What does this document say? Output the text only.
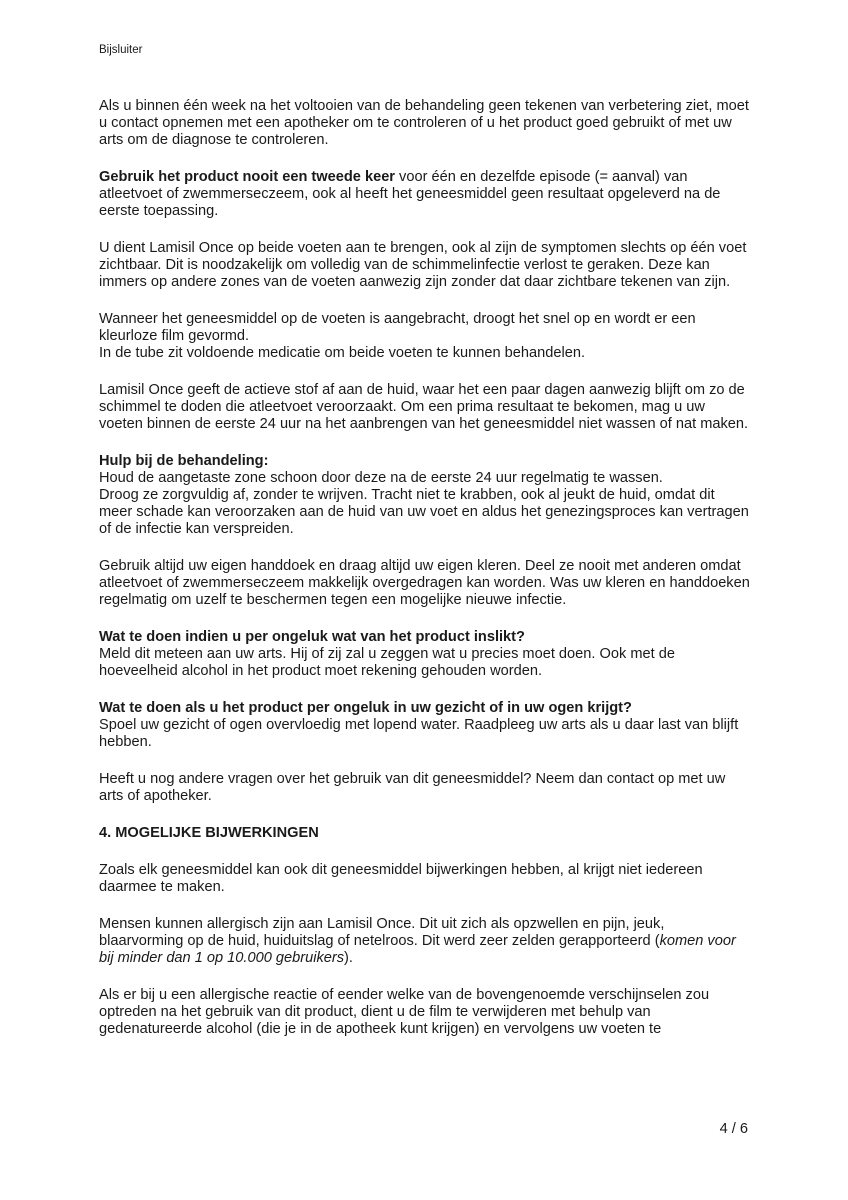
Bijsluiter

Als u binnen één week na het voltooien van de behandeling geen tekenen van verbetering ziet, moet u contact opnemen met een apotheker om te controleren of u het product goed gebruikt of met uw arts om de diagnose te controleren.

Gebruik het product nooit een tweede keer voor één en dezelfde episode (= aanval) van atleetvoet of zwemmerseczeem, ook al heeft het geneesmiddel geen resultaat opgeleverd na de eerste toepassing.

U dient Lamisil Once op beide voeten aan te brengen, ook al zijn de symptomen slechts op één voet zichtbaar. Dit is noodzakelijk om volledig van de schimmelinfectie verlost te geraken. Deze kan immers op andere zones van de voeten aanwezig zijn zonder dat daar zichtbare tekenen van zijn.

Wanneer het geneesmiddel op de voeten is aangebracht, droogt het snel op en wordt er een kleurloze film gevormd.
In de tube zit voldoende medicatie om beide voeten te kunnen behandelen.

Lamisil Once geeft de actieve stof af aan de huid, waar het een paar dagen aanwezig blijft om zo de schimmel te doden die atleetvoet veroorzaakt. Om een prima resultaat te bekomen, mag u uw voeten binnen de eerste 24 uur na het aanbrengen van het geneesmiddel niet wassen of nat maken.

Hulp bij de behandeling:
Houd de aangetaste zone schoon door deze na de eerste 24 uur regelmatig te wassen.
Droog ze zorgvuldig af, zonder te wrijven. Tracht niet te krabben, ook al jeukt de huid, omdat dit meer schade kan veroorzaken aan de huid van uw voet en aldus het genezingsproces kan vertragen of de infectie kan verspreiden.

Gebruik altijd uw eigen handdoek en draag altijd uw eigen kleren. Deel ze nooit met anderen omdat atleetvoet of zwemmerseczeem makkelijk overgedragen kan worden. Was uw kleren en handdoeken regelmatig om uzelf te beschermen tegen een mogelijke nieuwe infectie.

Wat te doen indien u per ongeluk wat van het product inslikt?
Meld dit meteen aan uw arts. Hij of zij zal u zeggen wat u precies moet doen. Ook met de hoeveelheid alcohol in het product moet rekening gehouden worden.

Wat te doen als u het product per ongeluk in uw gezicht of in uw ogen krijgt?
Spoel uw gezicht of ogen overvloedig met lopend water. Raadpleeg uw arts als u daar last van blijft hebben.

Heeft u nog andere vragen over het gebruik van dit geneesmiddel? Neem dan contact op met uw arts of apotheker.

4. MOGELIJKE BIJWERKINGEN

Zoals elk geneesmiddel kan ook dit geneesmiddel bijwerkingen hebben, al krijgt niet iedereen daarmee te maken.

Mensen kunnen allergisch zijn aan Lamisil Once. Dit uit zich als opzwellen en pijn, jeuk, blaarvorming op de huid, huiduitslag of netelroos. Dit werd zeer zelden gerapporteerd (komen voor bij minder dan 1 op 10.000 gebruikers).

Als er bij u een allergische reactie of eender welke van de bovengenoemde verschijnselen zou optreden na het gebruik van dit product, dient u de film te verwijderen met behulp van gedenatureerde alcohol (die je in de apotheek kunt krijgen) en vervolgens uw voeten te

4 / 6
